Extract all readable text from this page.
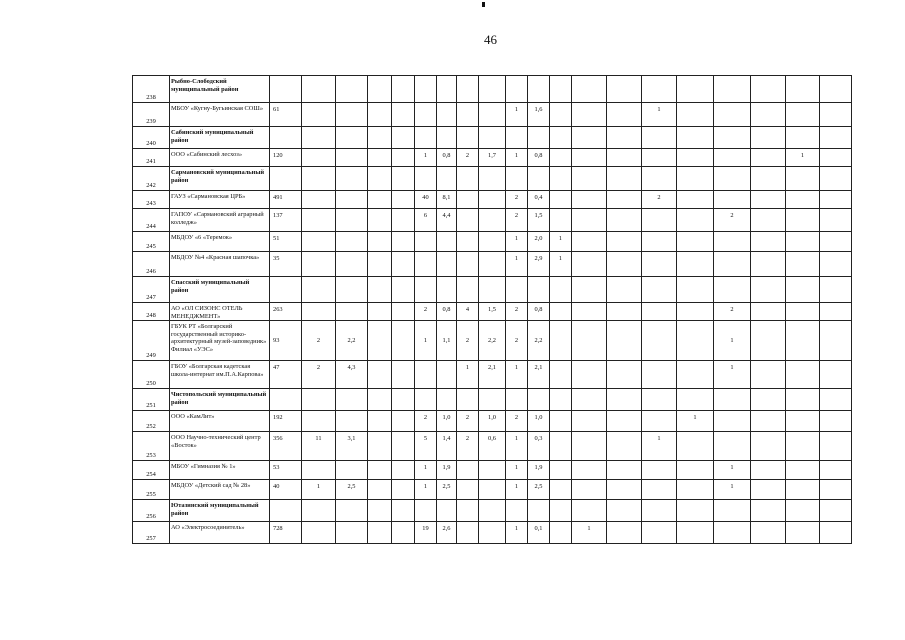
46
238	Рыбно-Слободский муниципальный район																				
239	МБОУ «Кугну-Бугьинская СОШ»	61									1	1,6				1					
240	Сабинский муниципальный район																				
241	ООО «Сабинский лесхоз»	120					1	0,8	2	1,7	1	0,8								1	
242	Сармановский муниципальный район																				
243	ГАУЗ «Сармановская ЦРБ»	491					40	8,1			2	0,4				2					
244	ГАПОУ «Сармановский аграрный колледж»	137					6	4,4			2	1,5						2			
245	МБДОУ «6 «Теремок»	51									1	2,0	1								
246	МБДОУ №4 «Красная шапочка»	35									1	2,9	1								
247	Спасский муниципальный район																				
248	АО «ОЛ СИЗОНС ОТЕЛЬ МЕНЕДЖМЕНТ»	263					2	0,8	4	1,5	2	0,8						2			
249	ГБУК РТ «Болгарский государственный историко-архитектурный музей-заповедник» Филиал «УЭС»	93	2	2,2			1	1,1	2	2,2	2	2,2						1			
250	ГБОУ «Болгарская кадетская школа-интернат им.П.А.Карпова»	47	2	4,3					1	2,1	1	2,1						1			
251	Чистопольский муниципальный район																				
252	ООО «КамЛит»	192					2	1,0	2	1,0	2	1,0					1				
253	ООО Научно-технический центр «Восток»	356	11	3,1			5	1,4	2	0,6	1	0,3				1					
254	МБОУ «Гимназия № 1»	53					1	1,9			1	1,9						1			
255	МБДОУ «Детский сад № 28»	40	1	2,5			1	2,5			1	2,5						1			
256	Ютазинский муниципальный район																				
257	АО «Электросоединитель»	728					19	2,6			1	0,1		1							
